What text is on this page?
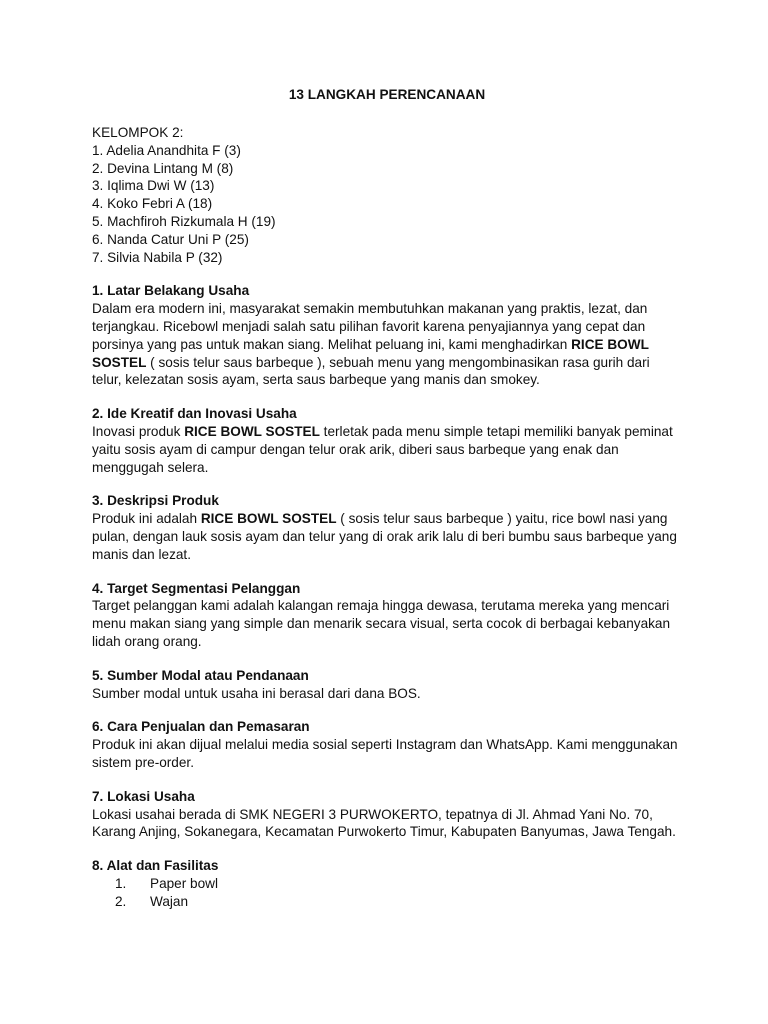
13 LANGKAH PERENCANAAN

KELOMPOK 2:

1. Adelia Anandhita F (3)

2. Devina Lintang M (8)

3. Iqlima Dwi W (13)

4. Koko Febri A (18)

5. Machfiroh Rizkumala H (19)

6. Nanda Catur Uni P (25)

7. Silvia Nabila P (32)

1. Latar Belakang Usaha

Dalam era modern ini, masyarakat semakin membutuhkan makanan yang praktis, lezat, dan terjangkau. Ricebowl menjadi salah satu pilihan favorit karena penyajiannya yang cepat dan porsinya yang pas untuk makan siang. Melihat peluang ini, kami menghadirkan RICE BOWL SOSTEL ( sosis telur saus barbeque ), sebuah menu yang mengombinasikan rasa gurih dari telur, kelezatan sosis ayam, serta saus barbeque yang manis dan smokey.

2. Ide Kreatif dan Inovasi Usaha

Inovasi produk RICE BOWL SOSTEL terletak pada menu simple tetapi memiliki banyak peminat yaitu sosis ayam di campur dengan telur orak arik, diberi saus barbeque yang enak dan menggugah selera.

3. Deskripsi Produk

Produk ini adalah RICE BOWL SOSTEL ( sosis telur saus barbeque ) yaitu, rice bowl nasi yang pulan, dengan lauk sosis ayam dan telur yang di orak arik lalu di beri bumbu saus barbeque yang manis dan lezat.

4. Target Segmentasi Pelanggan

Target pelanggan kami adalah kalangan remaja hingga dewasa, terutama mereka yang mencari menu makan siang yang simple dan menarik secara visual, serta cocok di berbagai kebanyakan lidah orang orang.

5. Sumber Modal atau Pendanaan

Sumber modal untuk usaha ini berasal dari dana BOS.

6. Cara Penjualan dan Pemasaran

Produk ini akan dijual melalui media sosial seperti Instagram dan WhatsApp. Kami menggunakan sistem pre-order.

7. Lokasi Usaha

Lokasi usahai berada di SMK NEGERI 3 PURWOKERTO, tepatnya di Jl. Ahmad Yani No. 70, Karang Anjing, Sokanegara, Kecamatan Purwokerto Timur, Kabupaten Banyumas, Jawa Tengah.

8. Alat dan Fasilitas

1. Paper bowl
2. Wajan
